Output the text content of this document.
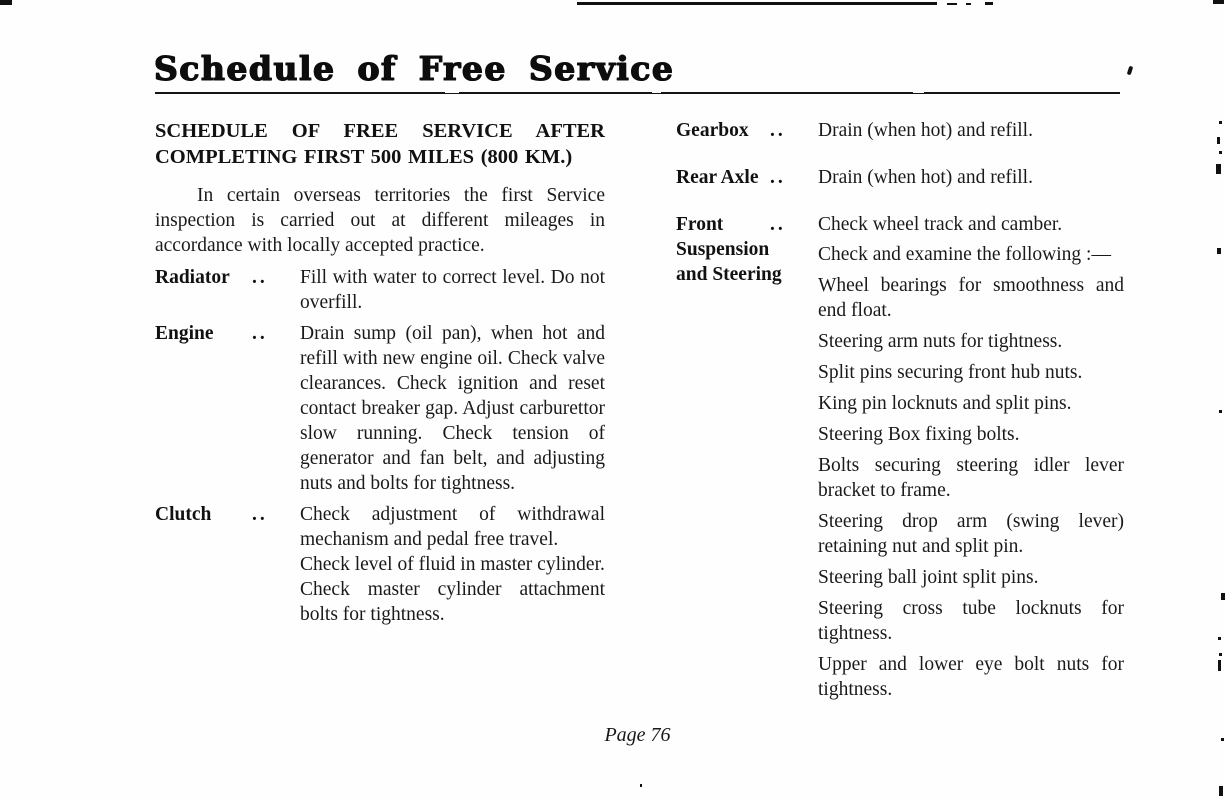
Schedule of Free Service
SCHEDULE OF FREE SERVICE AFTER COMPLETING FIRST 500 MILES (800 KM.)

In certain overseas territories the first Service inspection is carried out at different mileages in accordance with locally accepted practice.

Radiator .. Fill with water to correct level. Do not overfill.

Engine .. Drain sump (oil pan), when hot and refill with new engine oil. Check valve clearances. Check ignition and reset contact breaker gap. Adjust carburettor slow running. Check tension of generator and fan belt, and adjusting nuts and bolts for tightness.

Clutch .. Check adjustment of withdrawal mechanism and pedal free travel.

Check level of fluid in master cylinder.

Check master cylinder attachment bolts for tightness.

Gearbox .. Drain (when hot) and refill.

Rear Axle .. Drain (when hot) and refill.

Front Suspension and Steering
.. Check wheel track and camber.

Check and examine the following :—

Wheel bearings for smoothness and end float.

Steering arm nuts for tightness.

Split pins securing front hub nuts.

King pin locknuts and split pins.

Steering Box fixing bolts.

Bolts securing steering idler lever bracket to frame.

Steering drop arm (swing lever) retaining nut and split pin.

Steering ball joint split pins.

Steering cross tube locknuts for tightness.

Upper and lower eye bolt nuts for tightness.

Page 76
